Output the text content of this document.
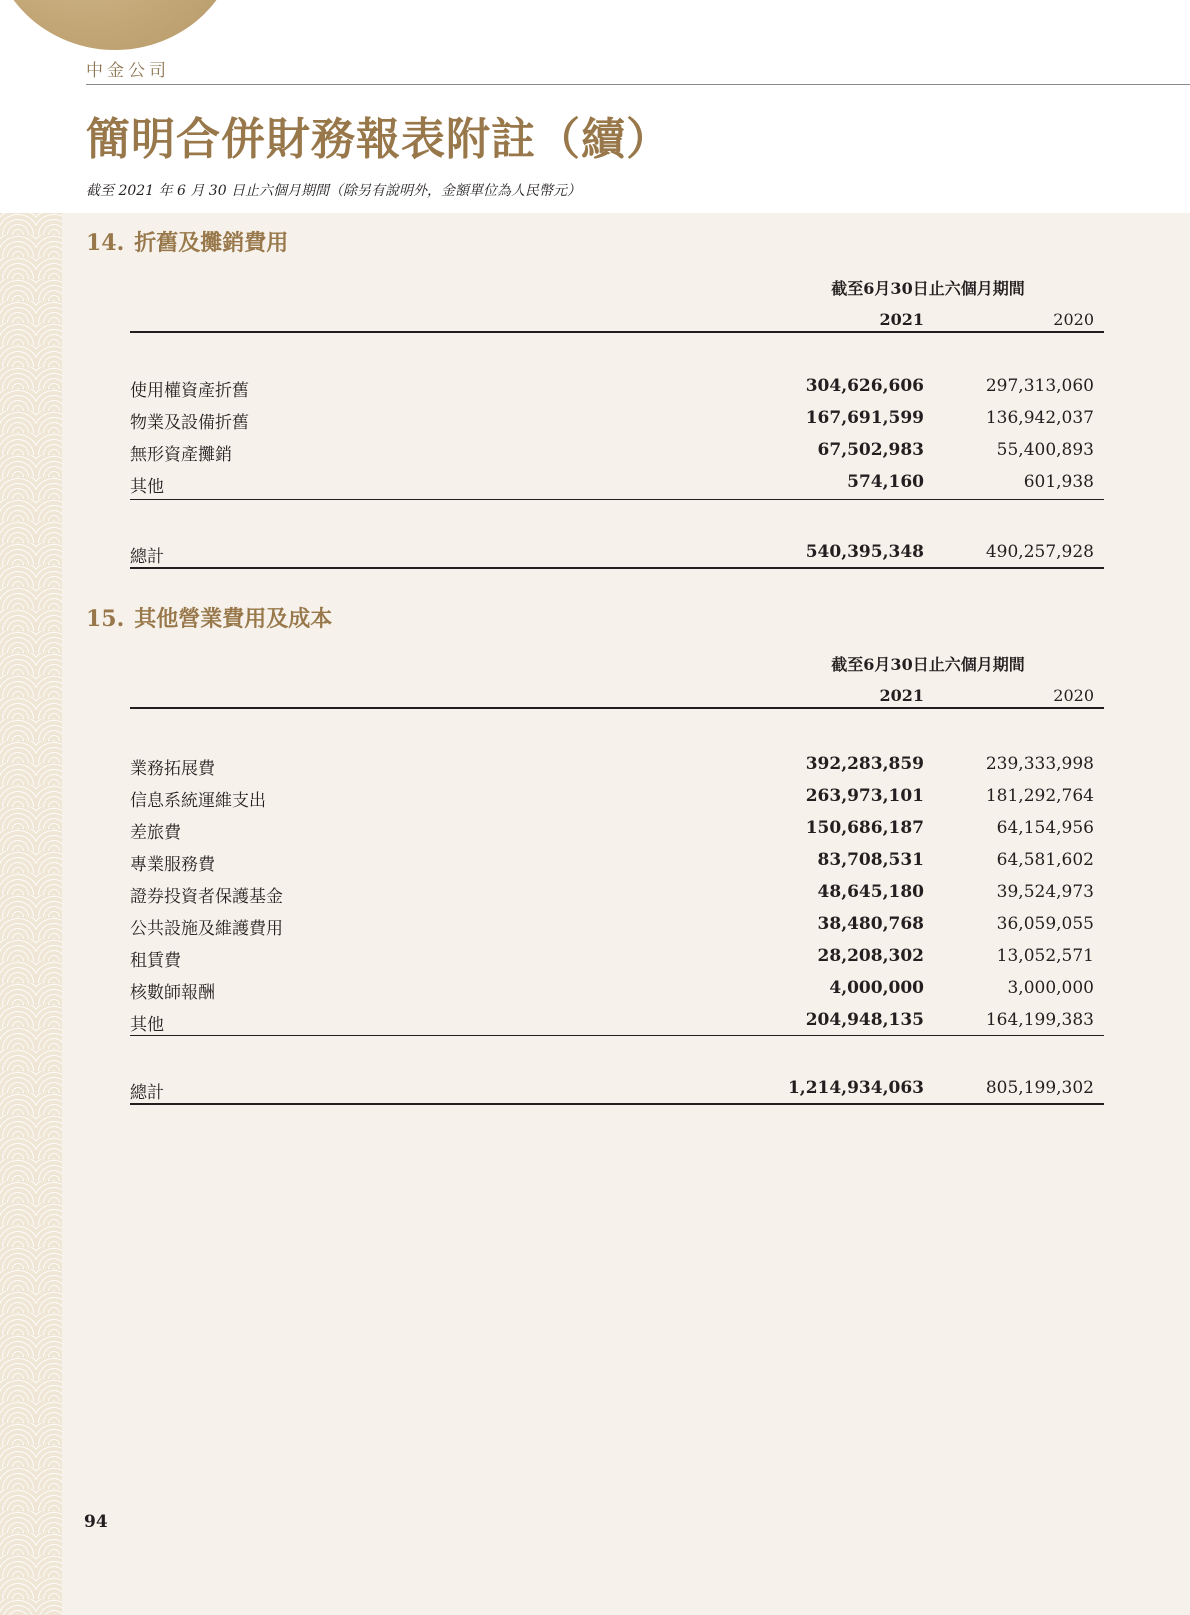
中金公司
簡明合併財務報表附註（續）
截至 2021 年 6 月 30 日止六個月期間（除另有說明外，金額單位為人民幣元）
14. 折舊及攤銷費用
截至6月30日止六個月期間
2021	2020
使用權資產折舊	304,626,606	297,313,060
物業及設備折舊	167,691,599	136,942,037
無形資產攤銷	67,502,983	55,400,893
其他	574,160	601,938
總計	540,395,348	490,257,928
15. 其他營業費用及成本
截至6月30日止六個月期間
2021	2020
業務拓展費	392,283,859	239,333,998
信息系統運維支出	263,973,101	181,292,764
差旅費	150,686,187	64,154,956
專業服務費	83,708,531	64,581,602
證券投資者保護基金	48,645,180	39,524,973
公共設施及維護費用	38,480,768	36,059,055
租賃費	28,208,302	13,052,571
核數師報酬	4,000,000	3,000,000
其他	204,948,135	164,199,383
總計	1,214,934,063	805,199,302
94
